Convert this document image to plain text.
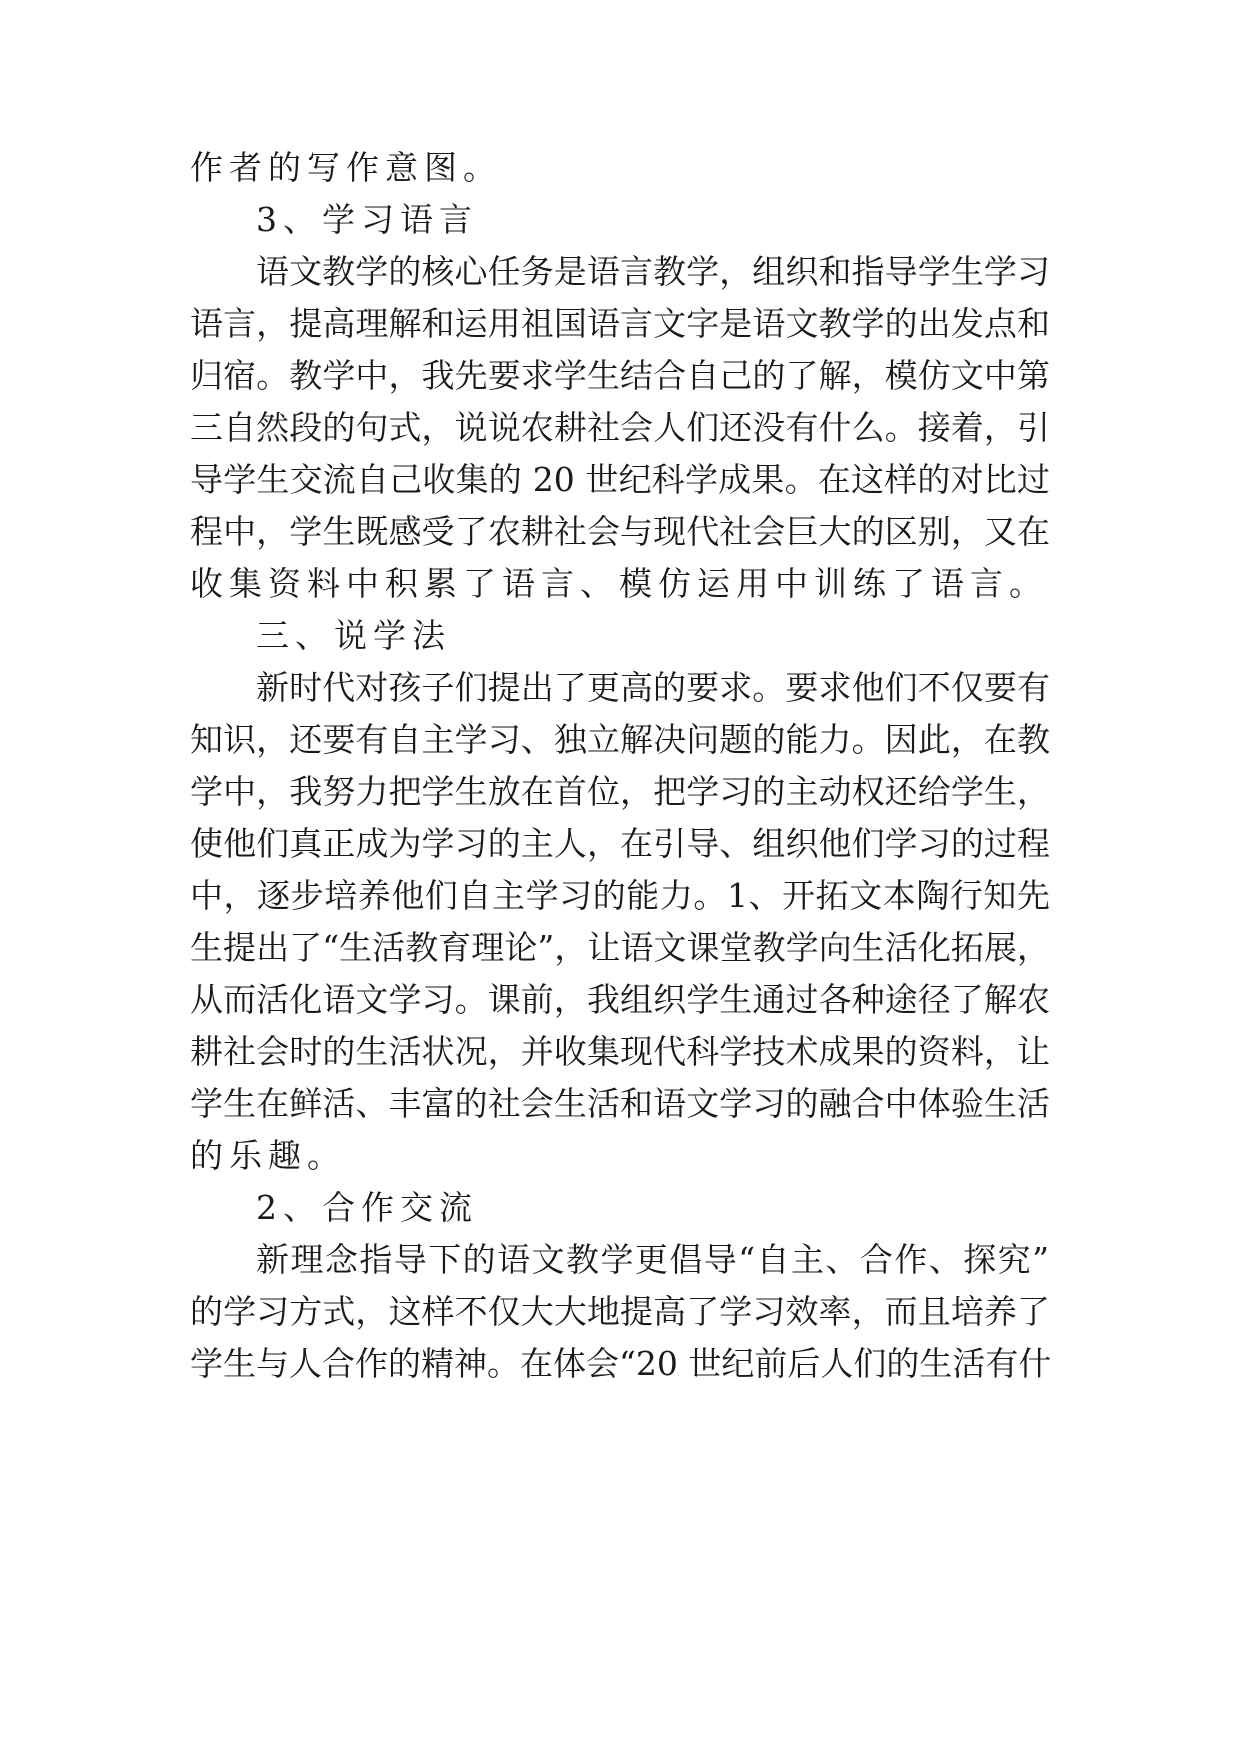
作者的写作意图。
3、学习语言
语文教学的核心任务是语言教学，组织和指导学生学习
语言，提高理解和运用祖国语言文字是语文教学的出发点和
归宿。教学中，我先要求学生结合自己的了解，模仿文中第
三自然段的句式，说说农耕社会人们还没有什么。接着，引
导学生交流自己收集的 20 世纪科学成果。在这样的对比过
程中，学生既感受了农耕社会与现代社会巨大的区别，又在
收集资料中积累了语言、模仿运用中训练了语言。
三、说学法
新时代对孩子们提出了更高的要求。要求他们不仅要有
知识，还要有自主学习、独立解决问题的能力。因此，在教
学中，我努力把学生放在首位，把学习的主动权还给学生，
使他们真正成为学习的主人，在引导、组织他们学习的过程
中，逐步培养他们自主学习的能力。1、开拓文本陶行知先
生提出了“生活教育理论”，让语文课堂教学向生活化拓展，
从而活化语文学习。课前，我组织学生通过各种途径了解农
耕社会时的生活状况，并收集现代科学技术成果的资料，让
学生在鲜活、丰富的社会生活和语文学习的融合中体验生活
的乐趣。
2、合作交流
新理念指导下的语文教学更倡导“自主、合作、探究”
的学习方式，这样不仅大大地提高了学习效率，而且培养了
学生与人合作的精神。在体会“20 世纪前后人们的生活有什
